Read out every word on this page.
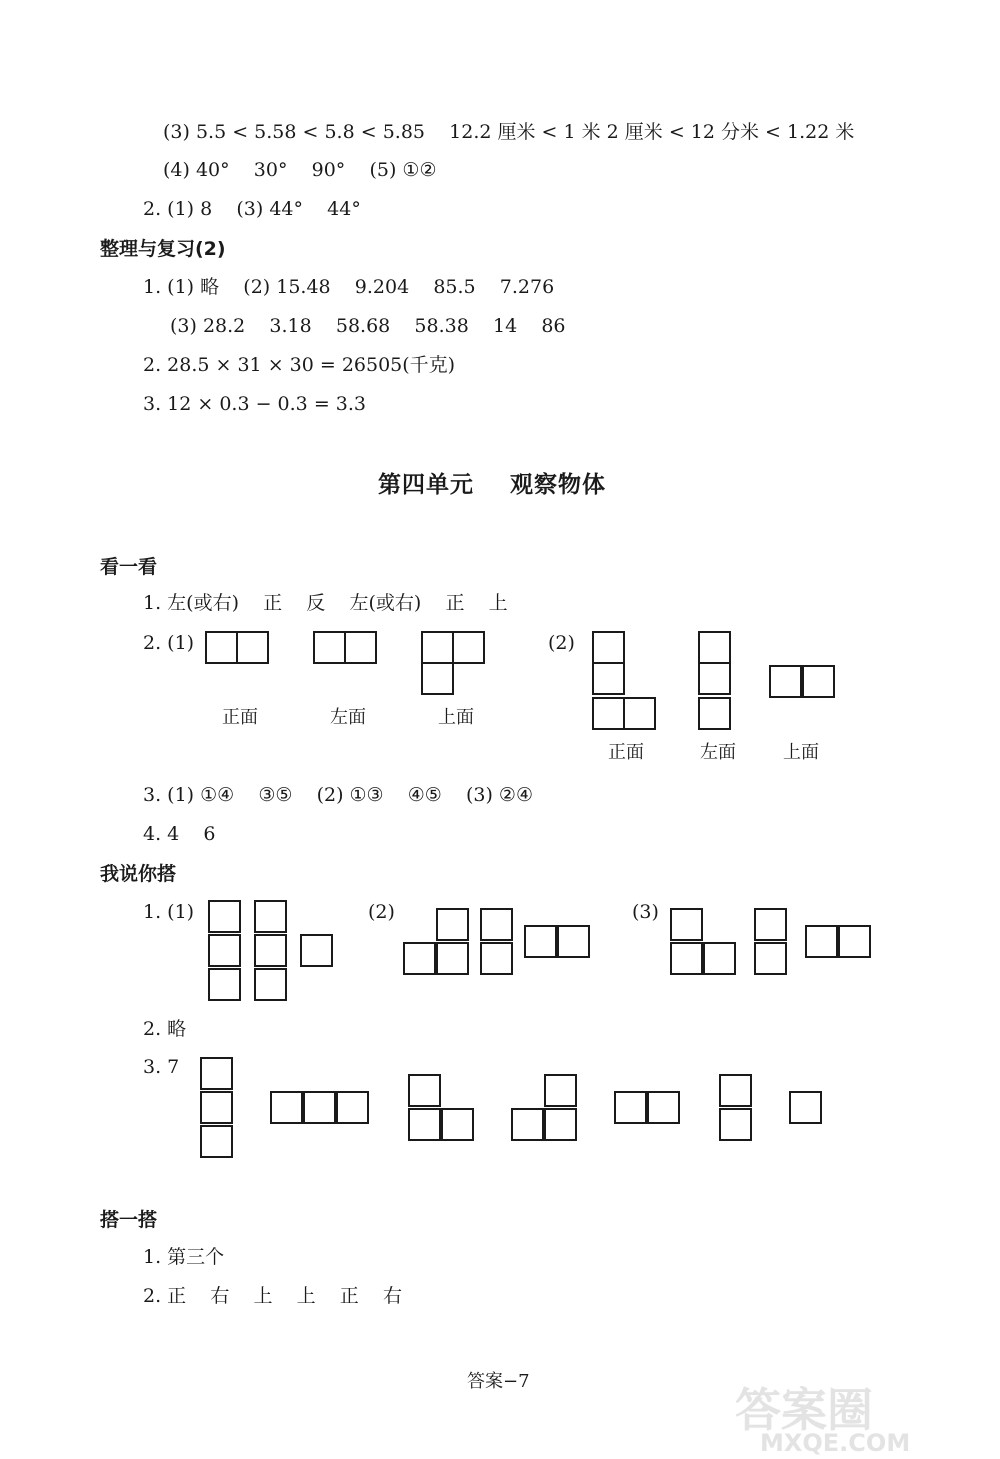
(3) 5.5 < 5.58 < 5.8 < 5.85    12.2 厘米 < 1 米 2 厘米 < 12 分米 < 1.22 米
(4) 40°    30°    90°    (5) ①②
2. (1) 8    (3) 44°    44°
整理与复习(2)
1. (1) 略    (2) 15.48    9.204    85.5    7.276
(3) 28.2    3.18    58.68    58.38    14    86
2. 28.5 × 31 × 30 = 26505(千克)
3. 12 × 0.3 − 0.3 = 3.3
第四单元    观察物体
看一看
1. 左(或右)    正    反    左(或右)    正    上
2. (1)	(2)
正面	左面	上面
正面	左面	上面
3. (1) ①④    ③⑤    (2) ①③    ④⑤    (3) ②④
4. 4    6
我说你搭
1. (1)	(2)	(3)
2. 略
3. 7
搭一搭
1. 第三个
2. 正    右    上    上    正    右
答案−7
答案圈
MXQE.COM
